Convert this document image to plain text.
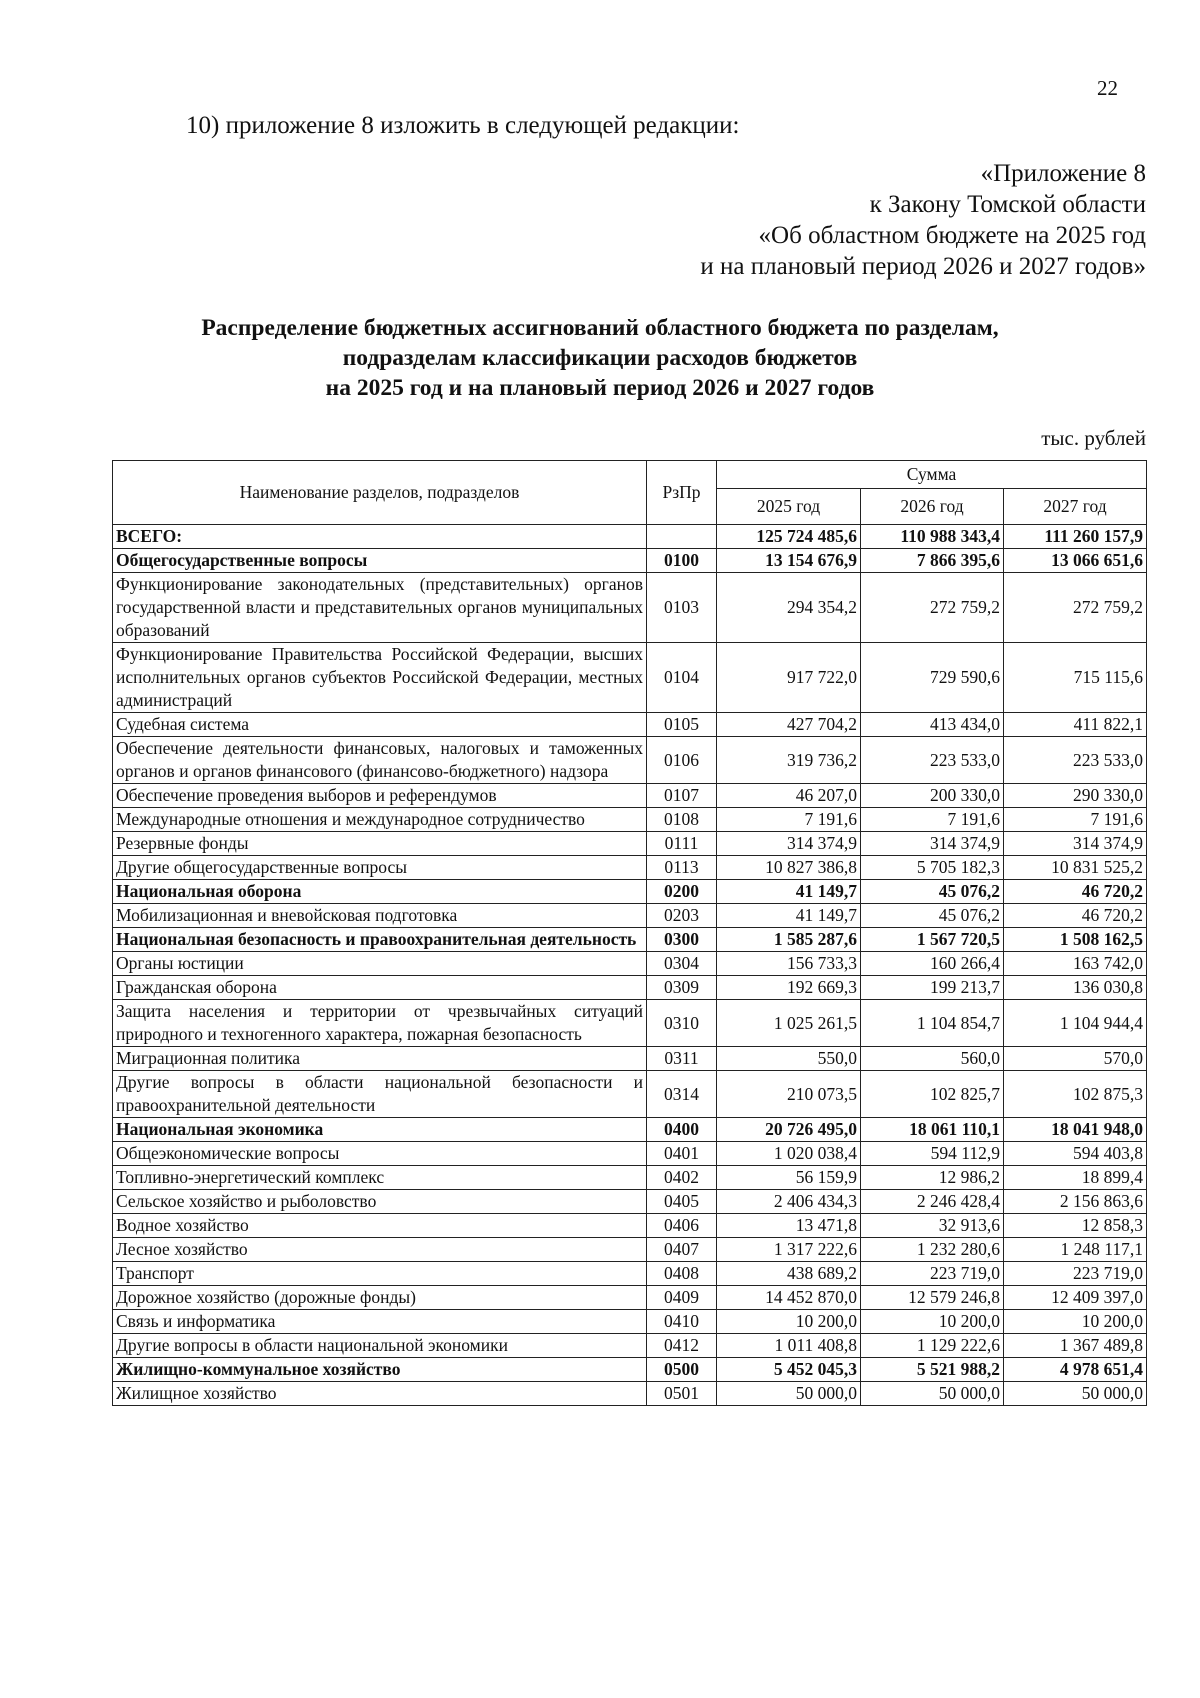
22
10) приложение 8 изложить в следующей редакции:
«Приложение 8
к Закону Томской области
«Об областном бюджете на 2025 год
и на плановый период 2026 и 2027 годов»
Распределение бюджетных ассигнований областного бюджета по разделам,
подразделам классификации расходов бюджетов
на 2025 год и на плановый период 2026 и 2027 годов
тыс. рублей
Наименование разделов, подразделов	РзПр	Сумма		
		2025 год	2026 год	2027 год
ВСЕГО:		125 724 485,6	110 988 343,4	111 260 157,9
Общегосударственные вопросы	0100	13 154 676,9	7 866 395,6	13 066 651,6
Функционирование законодательных (представительных) органов государственной власти и представительных органов муниципальных образований	0103	294 354,2	272 759,2	272 759,2
Функционирование Правительства Российской Федерации, высших исполнительных органов субъектов Российской Федерации, местных администраций	0104	917 722,0	729 590,6	715 115,6
Судебная система	0105	427 704,2	413 434,0	411 822,1
Обеспечение деятельности финансовых, налоговых и таможенных органов и органов финансового (финансово-бюджетного) надзора	0106	319 736,2	223 533,0	223 533,0
Обеспечение проведения выборов и референдумов	0107	46 207,0	200 330,0	290 330,0
Международные отношения и международное сотрудничество	0108	7 191,6	7 191,6	7 191,6
Резервные фонды	0111	314 374,9	314 374,9	314 374,9
Другие общегосударственные вопросы	0113	10 827 386,8	5 705 182,3	10 831 525,2
Национальная оборона	0200	41 149,7	45 076,2	46 720,2
Мобилизационная и вневойсковая подготовка	0203	41 149,7	45 076,2	46 720,2
Национальная безопасность и правоохранительная деятельность	0300	1 585 287,6	1 567 720,5	1 508 162,5
Органы юстиции	0304	156 733,3	160 266,4	163 742,0
Гражданская оборона	0309	192 669,3	199 213,7	136 030,8
Защита населения и территории от чрезвычайных ситуаций природного и техногенного характера, пожарная безопасность	0310	1 025 261,5	1 104 854,7	1 104 944,4
Миграционная политика	0311	550,0	560,0	570,0
Другие вопросы в области национальной безопасности и правоохранительной деятельности	0314	210 073,5	102 825,7	102 875,3
Национальная экономика	0400	20 726 495,0	18 061 110,1	18 041 948,0
Общеэкономические вопросы	0401	1 020 038,4	594 112,9	594 403,8
Топливно-энергетический комплекс	0402	56 159,9	12 986,2	18 899,4
Сельское хозяйство и рыболовство	0405	2 406 434,3	2 246 428,4	2 156 863,6
Водное хозяйство	0406	13 471,8	32 913,6	12 858,3
Лесное хозяйство	0407	1 317 222,6	1 232 280,6	1 248 117,1
Транспорт	0408	438 689,2	223 719,0	223 719,0
Дорожное хозяйство (дорожные фонды)	0409	14 452 870,0	12 579 246,8	12 409 397,0
Связь и информатика	0410	10 200,0	10 200,0	10 200,0
Другие вопросы в области национальной экономики	0412	1 011 408,8	1 129 222,6	1 367 489,8
Жилищно-коммунальное хозяйство	0500	5 452 045,3	5 521 988,2	4 978 651,4
Жилищное хозяйство	0501	50 000,0	50 000,0	50 000,0
